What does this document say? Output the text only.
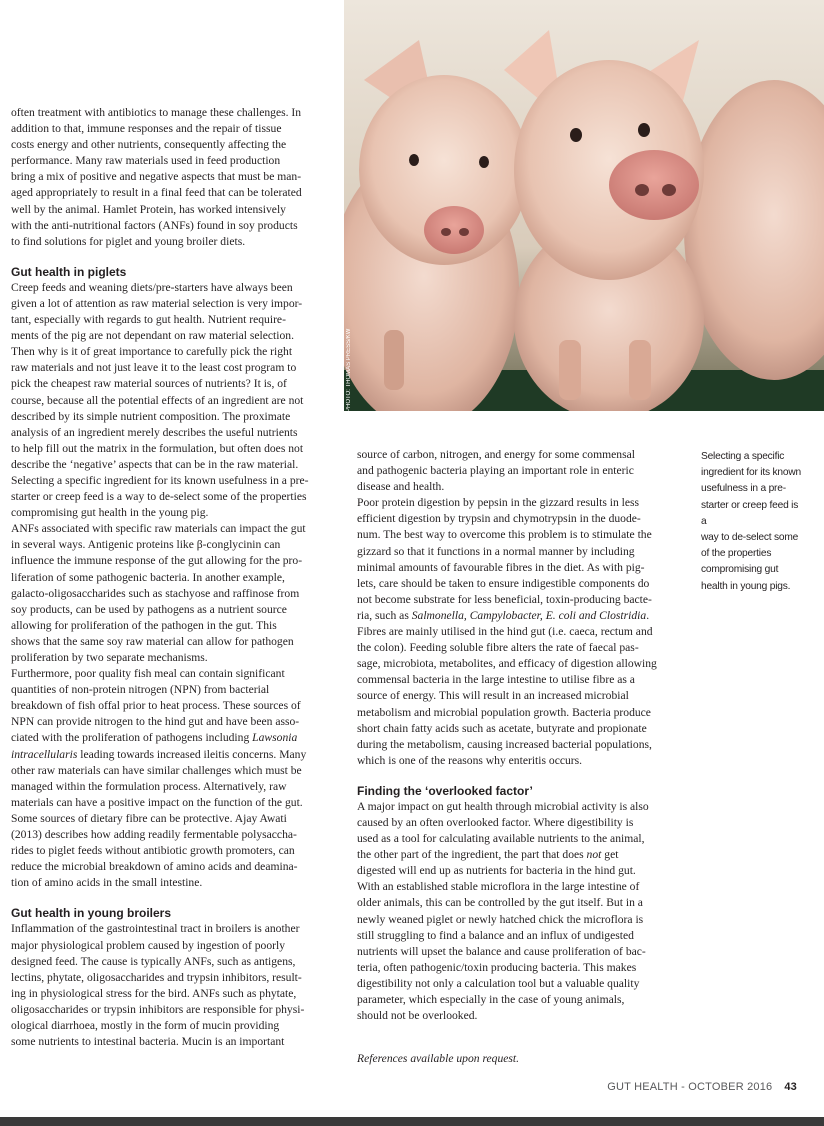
PHOTO: THOMAS PRESS/KW

often treatment with antibiotics to manage these challenges. In
addition to that, immune responses and the repair of tissue
costs energy and other nutrients, consequently affecting the
performance. Many raw materials used in feed production
bring a mix of positive and negative aspects that must be man-
aged appropriately to result in a final feed that can be tolerated
well by the animal. Hamlet Protein, has worked intensively
with the anti-nutritional factors (ANFs) found in soy products
to find solutions for piglet and young broiler diets.

Gut health in piglets

Creep feeds and weaning diets/pre-starters have always been
given a lot of attention as raw material selection is very impor-
tant, especially with regards to gut health. Nutrient require-
ments of the pig are not dependant on raw material selection.
Then why is it of great importance to carefully pick the right
raw materials and not just leave it to the least cost program to
pick the cheapest raw material sources of nutrients? It is, of
course, because all the potential effects of an ingredient are not
described by its simple nutrient composition. The proximate
analysis of an ingredient merely describes the useful nutrients
to help fill out the matrix in the formulation, but often does not
describe the ‘negative’ aspects that can be in the raw material.
Selecting a specific ingredient for its known usefulness in a pre-
starter or creep feed is a way to de-select some of the properties
compromising gut health in the young pig.

ANFs associated with specific raw materials can impact the gut
in several ways. Antigenic proteins like β-conglycinin can
influence the immune response of the gut allowing for the pro-
liferation of some pathogenic bacteria. In another example,
galacto-oligosaccharides such as stachyose and raffinose from
soy products, can be used by pathogens as a nutrient source
allowing for proliferation of the pathogen in the gut. This
shows that the same soy raw material can allow for pathogen
proliferation by two separate mechanisms.

Furthermore, poor quality fish meal can contain significant
quantities of non-protein nitrogen (NPN) from bacterial
breakdown of fish offal prior to heat process. These sources of
NPN can provide nitrogen to the hind gut and have been asso-
ciated with the proliferation of pathogens including Lawsonia
intracellularis leading towards increased ileitis concerns. Many
other raw materials can have similar challenges which must be
managed within the formulation process. Alternatively, raw
materials can have a positive impact on the function of the gut.
Some sources of dietary fibre can be protective. Ajay Awati
(2013) describes how adding readily fermentable polysaccha-
rides to piglet feeds without antibiotic growth promoters, can
reduce the microbial breakdown of amino acids and deamina-
tion of amino acids in the small intestine.

Gut health in young broilers

Inflammation of the gastrointestinal tract in broilers is another
major physiological problem caused by ingestion of poorly
designed feed. The cause is typically ANFs, such as antigens,
lectins, phytate, oligosaccharides and trypsin inhibitors, result-
ing in physiological stress for the bird. ANFs such as phytate,
oligosaccharides or trypsin inhibitors are responsible for physi-
ological diarrhoea, mostly in the form of mucin providing
some nutrients to intestinal bacteria. Mucin is an important

source of carbon, nitrogen, and energy for some commensal
and pathogenic bacteria playing an important role in enteric
disease and health.

Poor protein digestion by pepsin in the gizzard results in less
efficient digestion by trypsin and chymotrypsin in the duode-
num. The best way to overcome this problem is to stimulate the
gizzard so that it functions in a normal manner by including
minimal amounts of favourable fibres in the diet. As with pig-
lets, care should be taken to ensure indigestible components do
not become substrate for less beneficial, toxin-producing bacte-
ria, such as Salmonella, Campylobacter, E. coli and Clostridia.

Fibres are mainly utilised in the hind gut (i.e. caeca, rectum and
the colon). Feeding soluble fibre alters the rate of faecal pas-
sage, microbiota, metabolites, and efficacy of digestion allowing
commensal bacteria in the large intestine to utilise fibre as a
source of energy. This will result in an increased microbial
metabolism and microbial population growth. Bacteria produce
short chain fatty acids such as acetate, butyrate and propionate
during the metabolism, causing increased bacterial populations,
which is one of the reasons why enteritis occurs.

Finding the ‘overlooked factor’

A major impact on gut health through microbial activity is also
caused by an often overlooked factor. Where digestibility is
used as a tool for calculating available nutrients to the animal,
the other part of the ingredient, the part that does not get
digested will end up as nutrients for bacteria in the hind gut.
With an established stable microflora in the large intestine of
older animals, this can be controlled by the gut itself. But in a
newly weaned piglet or newly hatched chick the microflora is
still struggling to find a balance and an influx of undigested
nutrients will upset the balance and cause proliferation of bac-
teria, often pathogenic/toxin producing bacteria. This makes
digestibility not only a calculation tool but a valuable quality
parameter, which especially in the case of young animals,
should not be overlooked.

References available upon request.
Selecting a specific
ingredient for its known
usefulness in a pre-
starter or creep feed is a
way to de-select some
of the properties
compromising gut
health in young pigs.
GUT HEALTH - OCTOBER 2016 43
